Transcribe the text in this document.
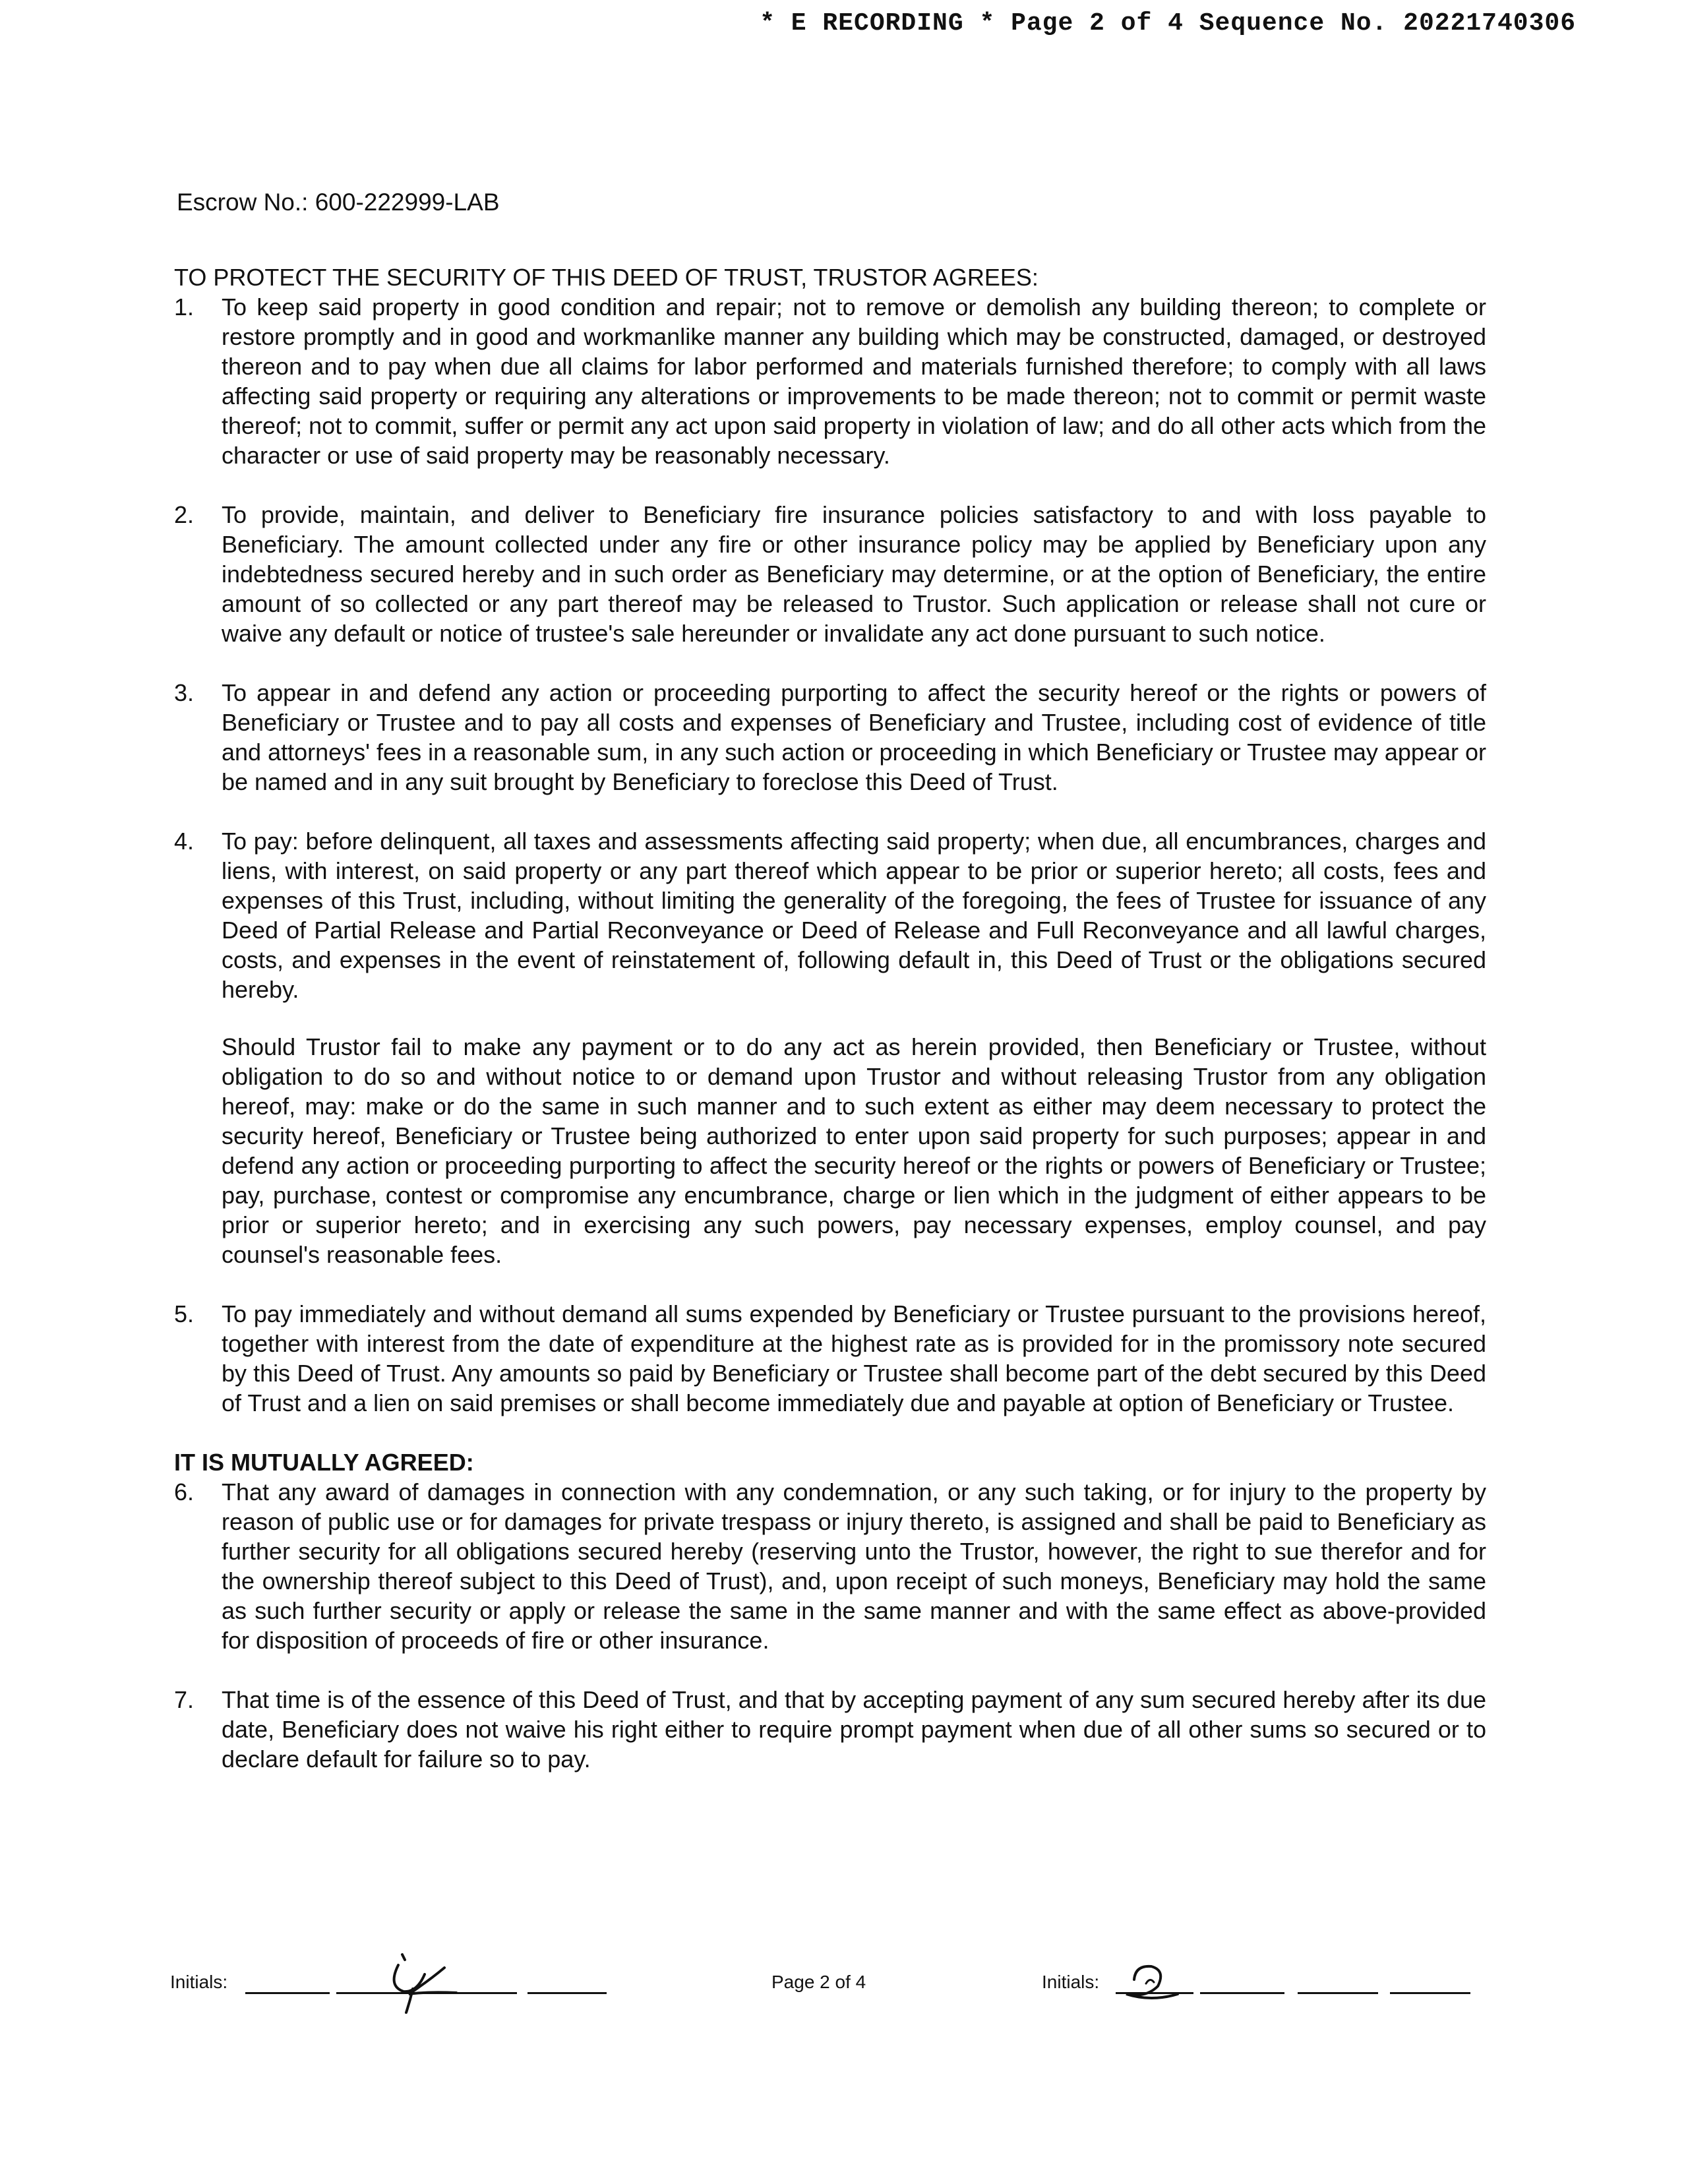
* E RECORDING * Page 2 of 4 Sequence No. 20221740306
Escrow No.: 600-222999-LAB

TO PROTECT THE SECURITY OF THIS DEED OF TRUST, TRUSTOR AGREES:

1.	To keep said property in good condition and repair; not to remove or demolish any building thereon; to complete or restore promptly and in good and workmanlike manner any building which may be constructed, damaged, or destroyed thereon and to pay when due all claims for labor performed and materials furnished therefore; to comply with all laws affecting said property or requiring any alterations or improvements to be made thereon; not to commit or permit waste thereof; not to commit, suffer or permit any act upon said property in violation of law; and do all other acts which from the character or use of said property may be reasonably necessary.
2.	To provide, maintain, and deliver to Beneficiary fire insurance policies satisfactory to and with loss payable to Beneficiary. The amount collected under any fire or other insurance policy may be applied by Beneficiary upon any indebtedness secured hereby and in such order as Beneficiary may determine, or at the option of Beneficiary, the entire amount of so collected or any part thereof may be released to Trustor. Such application or release shall not cure or waive any default or notice of trustee's sale hereunder or invalidate any act done pursuant to such notice.
3.	To appear in and defend any action or proceeding purporting to affect the security hereof or the rights or powers of Beneficiary or Trustee and to pay all costs and expenses of Beneficiary and Trustee, including cost of evidence of title and attorneys' fees in a reasonable sum, in any such action or proceeding in which Beneficiary or Trustee may appear or be named and in any suit brought by Beneficiary to foreclose this Deed of Trust.
4.	To pay: before delinquent, all taxes and assessments affecting said property; when due, all encumbrances, charges and liens, with interest, on said property or any part thereof which appear to be prior or superior hereto; all costs, fees and expenses of this Trust, including, without limiting the generality of the foregoing, the fees of Trustee for issuance of any Deed of Partial Release and Partial Reconveyance or Deed of Release and Full Reconveyance and all lawful charges, costs, and expenses in the event of reinstatement of, following default in, this Deed of Trust or the obligations secured hereby.

Should Trustor fail to make any payment or to do any act as herein provided, then Beneficiary or Trustee, without obligation to do so and without notice to or demand upon Trustor and without releasing Trustor from any obligation hereof, may: make or do the same in such manner and to such extent as either may deem necessary to protect the security hereof, Beneficiary or Trustee being authorized to enter upon said property for such purposes; appear in and defend any action or proceeding purporting to affect the security hereof or the rights or powers of Beneficiary or Trustee; pay, purchase, contest or compromise any encumbrance, charge or lien which in the judgment of either appears to be prior or superior hereto; and in exercising any such powers, pay necessary expenses, employ counsel, and pay counsel's reasonable fees.

5.	To pay immediately and without demand all sums expended by Beneficiary or Trustee pursuant to the provisions hereof, together with interest from the date of expenditure at the highest rate as is provided for in the promissory note secured by this Deed of Trust. Any amounts so paid by Beneficiary or Trustee shall become part of the debt secured by this Deed of Trust and a lien on said premises or shall become immediately due and payable at option of Beneficiary or Trustee.

IT IS MUTUALLY AGREED:

6.	That any award of damages in connection with any condemnation, or any such taking, or for injury to the property by reason of public use or for damages for private trespass or injury thereto, is assigned and shall be paid to Beneficiary as further security for all obligations secured hereby (reserving unto the Trustor, however, the right to sue therefor and for the ownership thereof subject to this Deed of Trust), and, upon receipt of such moneys, Beneficiary may hold the same as such further security or apply or release the same in the same manner and with the same effect as above-provided for disposition of proceeds of fire or other insurance.
7.	That time is of the essence of this Deed of Trust, and that by accepting payment of any sum secured hereby after its due date, Beneficiary does not waive his right either to require prompt payment when due of all other sums so secured or to declare default for failure so to pay.
Initials:	Page 2 of 4	Initials:
